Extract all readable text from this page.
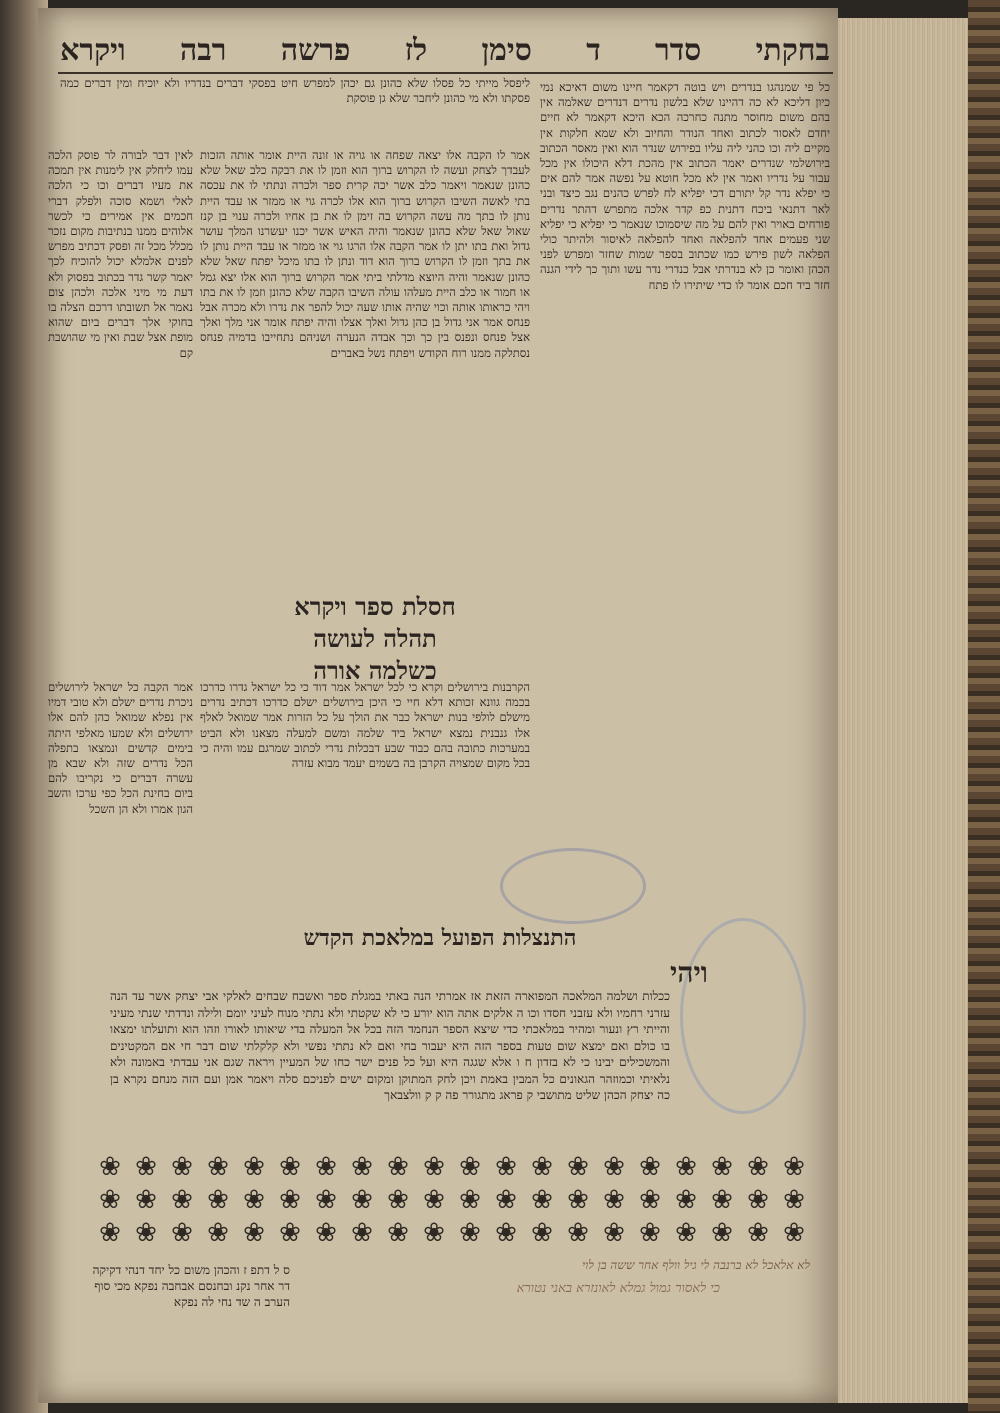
ויקרא רבה פרשה לז סימן ד סדר בחקתי

ליפסל מייתי כל פסלו שלא כהונן גם יכהן למפרש חיט בפסקי דברים בנדריו ולא יוכיח ומין דברים כמה פסקתו ולא מי כהונן ליחבר שלא גן פוסקת

כל פי שמנהגו בנדרים ויש בוטה דקאמר חיינו משום דאיכא נמי כיון דליכא לא כה דהיינו שלא בלשון נדרים דנדרים שאלמה אין בהם משום מחוסר מתנה כחרכה הכא היכא דקאמר לא חיים יחדם לאסור לכתוב ואחד הנודר והחיוב ולא שמא חלקות אין מקיים ליה וכו כהני ליה עליו בפירוש שנדר הוא ואין מאסר הכתוב בירושלמי שנדרים יאמר הכתוב אין מהכת דלא היכולו אין מכל עבור על נדריו ואמר אין לא מכל חוטא על נפשה אמר להם אים כי יפלא נדר קל יתורם דכי יפליא לח לפרש כהנים נגב כיצד ובני לאר דתנאי ביכח דתנית כפ קדר אלכה מתפרש דהתר נדרים פורחים באויר ואין להם על מה שיסמוכו שנאמר כי יפליא כי יפליא שני פעמים אחד להפלאה ואחד להפלאה לאיסור ולהיתר כולי הפלאה לשון פירש כמו שכתוב בספר שמות שחזר ומפרש לפני הכהן ואומר כן לא בנדרתי אבל כנדרי נדר עשו ותוך כך לידי הגנה חזר ביד חכם אומר לו כדי שיתירו לו פתח

אמר לו הקבה אלו יצאה שפחה או גויה או זונה היית אומר אותה הזכות לעבדך לצחק ועשה לו הקרוש ברוך הוא וזמן לו את רבקה כלב שאל שלא כהונן שנאמר ויאמר כלב אשר יכה קרית ספר ולכרה ונתתי לו את עכסה בתי לאשה השיבו הקרוש ברוך הוא אלו לכרה גוי או ממזר או עבד היית נותן לו בתך מה עשה הקרוש בה זימן לו את בן אחיו ולכרה ענוי בן קנז שאול שאל שלא כהונן שנאמר והיה האיש אשר יכנו יעשרנו המלך עושר גדול ואת בתו יתן לו אמר הקבה אלו הרגו גוי או ממזר או עבד היית נותן לו את בתך וזמן לו הקרוש ברוך הוא דוד ונתן לו בתו מיכל יפתח שאל שלא כהונן שנאמר והיה היוצא מדלתי ביתי אמר הקרוש ברוך הוא אלו יצא גמל או חמור או כלב היית מעלהו עולה השיבו הקבה שלא כהונן וזמן לו את בתו ויהי כראותו אותה וכוי שהיה אותו שעה יכול להפר את נדרו ולא מכרה אבל פנחס אמר אני גדול בן כהן גדול ואלך אצלו והיה יפתח אומר אני מלך ואלך אצל פנחס ונפנס בין כך וכך אבדה הנערה ושניהם נתחייבו בדמיה פנחס נסתלקה ממנו רוח הקודש ויפתח נשל באברים

לאין דבר לבורה לר פוסק הלכה עמו ליחלק אין לימנות אין תמכה את מעיו דברים וכו כי הלכה לאלי ושמא סוכה ולפלק דברי חכמים אין אמירים כי לכשר אלוהים ממנו בנתיבות מקום נזכר מכלל מכל זה ופסק דכתיב מפרש לפנים אלמלא יכול להוכיח לכך יאמר קשר גדר בכתוב בפסוק ולא דעת מי מיני אלכה ולכהן צום נאמר אל תשובתו דרכם הצלה בו בחוקי אלך דברים ביום שהוא מופת אצל שבת ואין מי שהושבת קם

חסלת ספר ויקרא
תהלה לעושה
כשלמה אורה

הקרבנות בירושלים וקרא כי לכל ישראל אמר דוד כי כל ישראל גדרו כדרכו בכמה גוונא זכותא דלא חיי כי היכן בירושלים ישלם כדרכו דכתיב נדרים מישלם לולפי בנות ישראל כבר את הולך על כל הזרות אמר שמואל לאלף אלו גנבנית נמצא ישראל ביד שלמה ומשם למעלה מצאנו ולא הביט במערכות כתובה בהם כבוד שבע דבכלות נדרי לכתוב שמרגם עמו והיה כי בכל מקום שמצויה הקרבן בה בשמים יעמד מבוא עזרה

אמר הקבה כל ישראל לירושלים ניכרת נדרים ישלם ולא טובי דמיו אין נפלא שמואל כהן להם אלו ירושלים ולא שמעו מאלפי היתה בימים קדשים ונמצאו בתפלה הכל נדרים שזה ולא שבא מן עשרה דברים כי נקריבו להם ביום בחינת הכל כפי ערכו והשב הגון אמרו ולא הן השכל

התנצלות הפועל במלאכת הקדש
ויהי

ככלות ושלמה המלאכה המפוארה הזאת אז אמרתי הנה באתי במגלת ספר ואשבח שבחים לאלקי אבי יצחק אשר עד הנה עזרני רחמיו ולא עזבני חסדו וכו ה אלקים אתה הוא יורע כי לא שקטתי ולא נתתי מנוח לעיני יומם ולילה ונדדתי שנתי מעיני והייתי רץ ונעור ומהיר במלאכתי כדי שיצא הספר הנחמד הזה בכל אל המעלה בדי שיאותו לאורו וזהו הוא ותועלתו ימצאו בו כולם ואם ימצא שום טעות בספר הזה היא יעבור בחי ואם לא נתתי נפשי ולא קלקלתי שום דבר חי אם המקטינים והמשכילים יבינו כי לא בזדון ח ו אלא שגגה היא ועל כל פנים ישר כחו של המעיין ויראה שגם אני עבדתי באמונה ולא נלאיתי וכמוזהר הגאונים כל המבין באמת ויכן לחק המתוקן ומקום ישים לפניכם סלה ויאמר אמן ועם הזה מנחם נקרא בן כה יצחק הכהן שליט מתושבי ק פראג מתגורר פה ק ק וולצבאך

❀ ❀ ❀ ❀ ❀ ❀ ❀ ❀ ❀ ❀ ❀ ❀ ❀ ❀ ❀ ❀ ❀ ❀ ❀ ❀
❀ ❀ ❀ ❀ ❀ ❀ ❀ ❀ ❀ ❀ ❀ ❀ ❀ ❀ ❀ ❀ ❀ ❀ ❀ ❀
❀ ❀ ❀ ❀ ❀ ❀ ❀ ❀ ❀ ❀ ❀ ❀ ❀ ❀ ❀ ❀ ❀ ❀ ❀ ❀
לא אלאכל לא ברנבה לי גיל וולף אחר ששה בן לוי
כי לאסור גמול גמלא לאונזרא באני נטורא
ס ל דתפ ז והכהן משום כל יחד דנהי דקיקה דר אחר נקנ ובחנסם אבחבה נפקא מכי סוף הערב ה שד נחי לה נפקא
